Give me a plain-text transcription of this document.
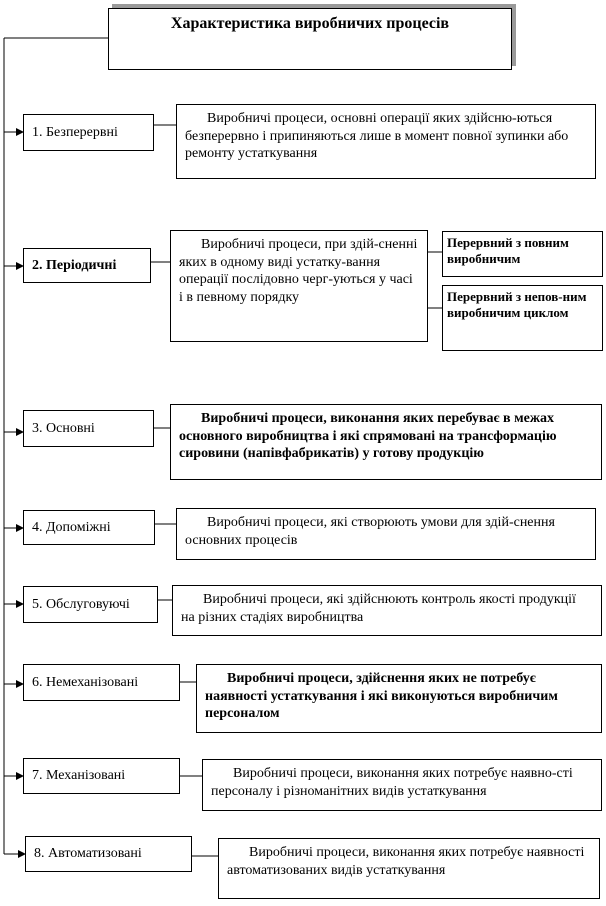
Характеристика виробничих процесів
1. Безперервні
Виробничі процеси, основні операції яких здійсню-ються безперервно і припиняються лише в момент повної зупинки або ремонту устаткування
2. Періодичні
Виробничі процеси, при здій-сненні яких в одному виді устатку-вання операції послідовно черг-уються у часі і в певному порядку
Перервний з повним виробничим
Перервний з непов-ним виробничим циклом
3. Основні
Виробничі процеси, виконання яких перебуває в межах основного виробництва і які спрямовані на трансформацію сировини (напівфабрикатів) у готову продукцію
4. Допоміжні	Виробничі процеси, які створюють умови для здій-снення основних процесів
5. Обслуговуючі	Виробничі процеси, які здійснюють контроль якості продукції на різних стадіях виробництва
6. Немеханізовані	Виробничі процеси, здійснення яких не потребує наявності устаткування і які виконуються виробничим персоналом
7. Механізовані	Виробничі процеси, виконання яких потребує наявно-сті персоналу і різноманітних видів устаткування
8. Автоматизовані	Виробничі процеси, виконання яких потребує наявності автоматизованих видів устаткування
